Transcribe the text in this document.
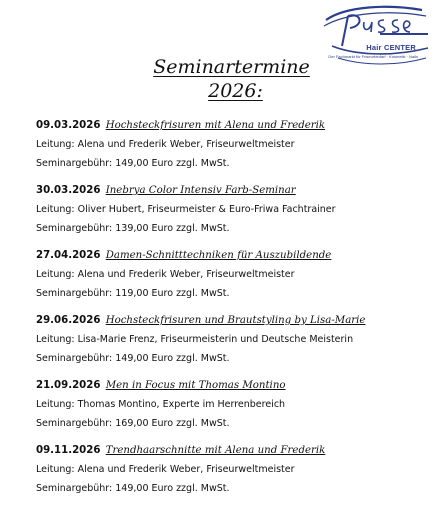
Hair CENTER
Der Fachmarkt für Friseurbedarf · Kosmetik · Nails
Seminartermine
2026:
09.03.2026 Hochsteckfrisuren mit Alena und Frederik
Leitung: Alena und Frederik Weber, Friseurweltmeister
Seminargebühr: 149,00 Euro zzgl. MwSt.
30.03.2026 Inebrya Color Intensiv Farb-Seminar
Leitung: Oliver Hubert, Friseurmeister & Euro-Friwa Fachtrainer
Seminargebühr: 139,00 Euro zzgl. MwSt.
27.04.2026 Damen-Schnitttechniken für Auszubildende
Leitung: Alena und Frederik Weber, Friseurweltmeister
Seminargebühr: 119,00 Euro zzgl. MwSt.
29.06.2026 Hochsteckfrisuren und Brautstyling by Lisa-Marie
Leitung: Lisa-Marie Frenz, Friseurmeisterin und Deutsche Meisterin
Seminargebühr: 149,00 Euro zzgl. MwSt.
21.09.2026 Men in Focus mit Thomas Montino
Leitung: Thomas Montino, Experte im Herrenbereich
Seminargebühr: 169,00 Euro zzgl. MwSt.
09.11.2026 Trendhaarschnitte mit Alena und Frederik
Leitung: Alena und Frederik Weber, Friseurweltmeister
Seminargebühr: 149,00 Euro zzgl. MwSt.
